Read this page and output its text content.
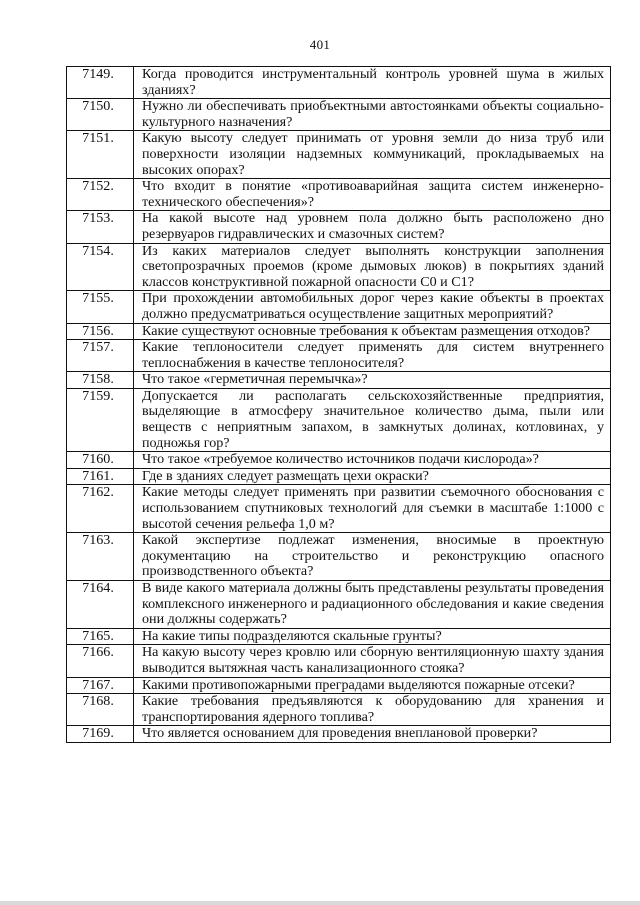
401
7149.	Когда проводится инструментальный контроль уровней шума в жилых зданиях?
7150.	Нужно ли обеспечивать приобъектными автостоянками объекты социально-культурного назначения?
7151.	Какую высоту следует принимать от уровня земли до низа труб или поверхности изоляции надземных коммуникаций, прокладываемых на высоких опорах?
7152.	Что входит в понятие «противоаварийная защита систем инженерно-технического обеспечения»?
7153.	На какой высоте над уровнем пола должно быть расположено дно резервуаров гидравлических и смазочных систем?
7154.	Из каких материалов следует выполнять конструкции заполнения светопрозрачных проемов (кроме дымовых люков) в покрытиях зданий классов конструктивной пожарной опасности С0 и С1?
7155.	При прохождении автомобильных дорог через какие объекты в проектах должно предусматриваться осуществление защитных мероприятий?
7156.	Какие существуют основные требования к объектам размещения отходов?
7157.	Какие теплоносители следует применять для систем внутреннего теплоснабжения в качестве теплоносителя?
7158.	Что такое «герметичная перемычка»?
7159.	Допускается ли располагать сельскохозяйственные предприятия, выделяющие в атмосферу значительное количество дыма, пыли или веществ с неприятным запахом, в замкнутых долинах, котловинах, у подножья гор?
7160.	Что такое «требуемое количество источников подачи кислорода»?
7161.	Где в зданиях следует размещать цехи окраски?
7162.	Какие методы следует применять при развитии съемочного обоснования с использованием спутниковых технологий для съемки в масштабе 1:1000 с высотой сечения рельефа 1,0 м?
7163.	Какой экспертизе подлежат изменения, вносимые в проектную документацию на строительство и реконструкцию опасного производственного объекта?
7164.	В виде какого материала должны быть представлены результаты проведения комплексного инженерного и радиационного обследования и какие сведения они должны содержать?
7165.	На какие типы подразделяются скальные грунты?
7166.	На какую высоту через кровлю или сборную вентиляционную шахту здания выводится вытяжная часть канализационного стояка?
7167.	Какими противопожарными преградами выделяются пожарные отсеки?
7168.	Какие требования предъявляются к оборудованию для хранения и транспортирования ядерного топлива?
7169.	Что является основанием для проведения внеплановой проверки?
